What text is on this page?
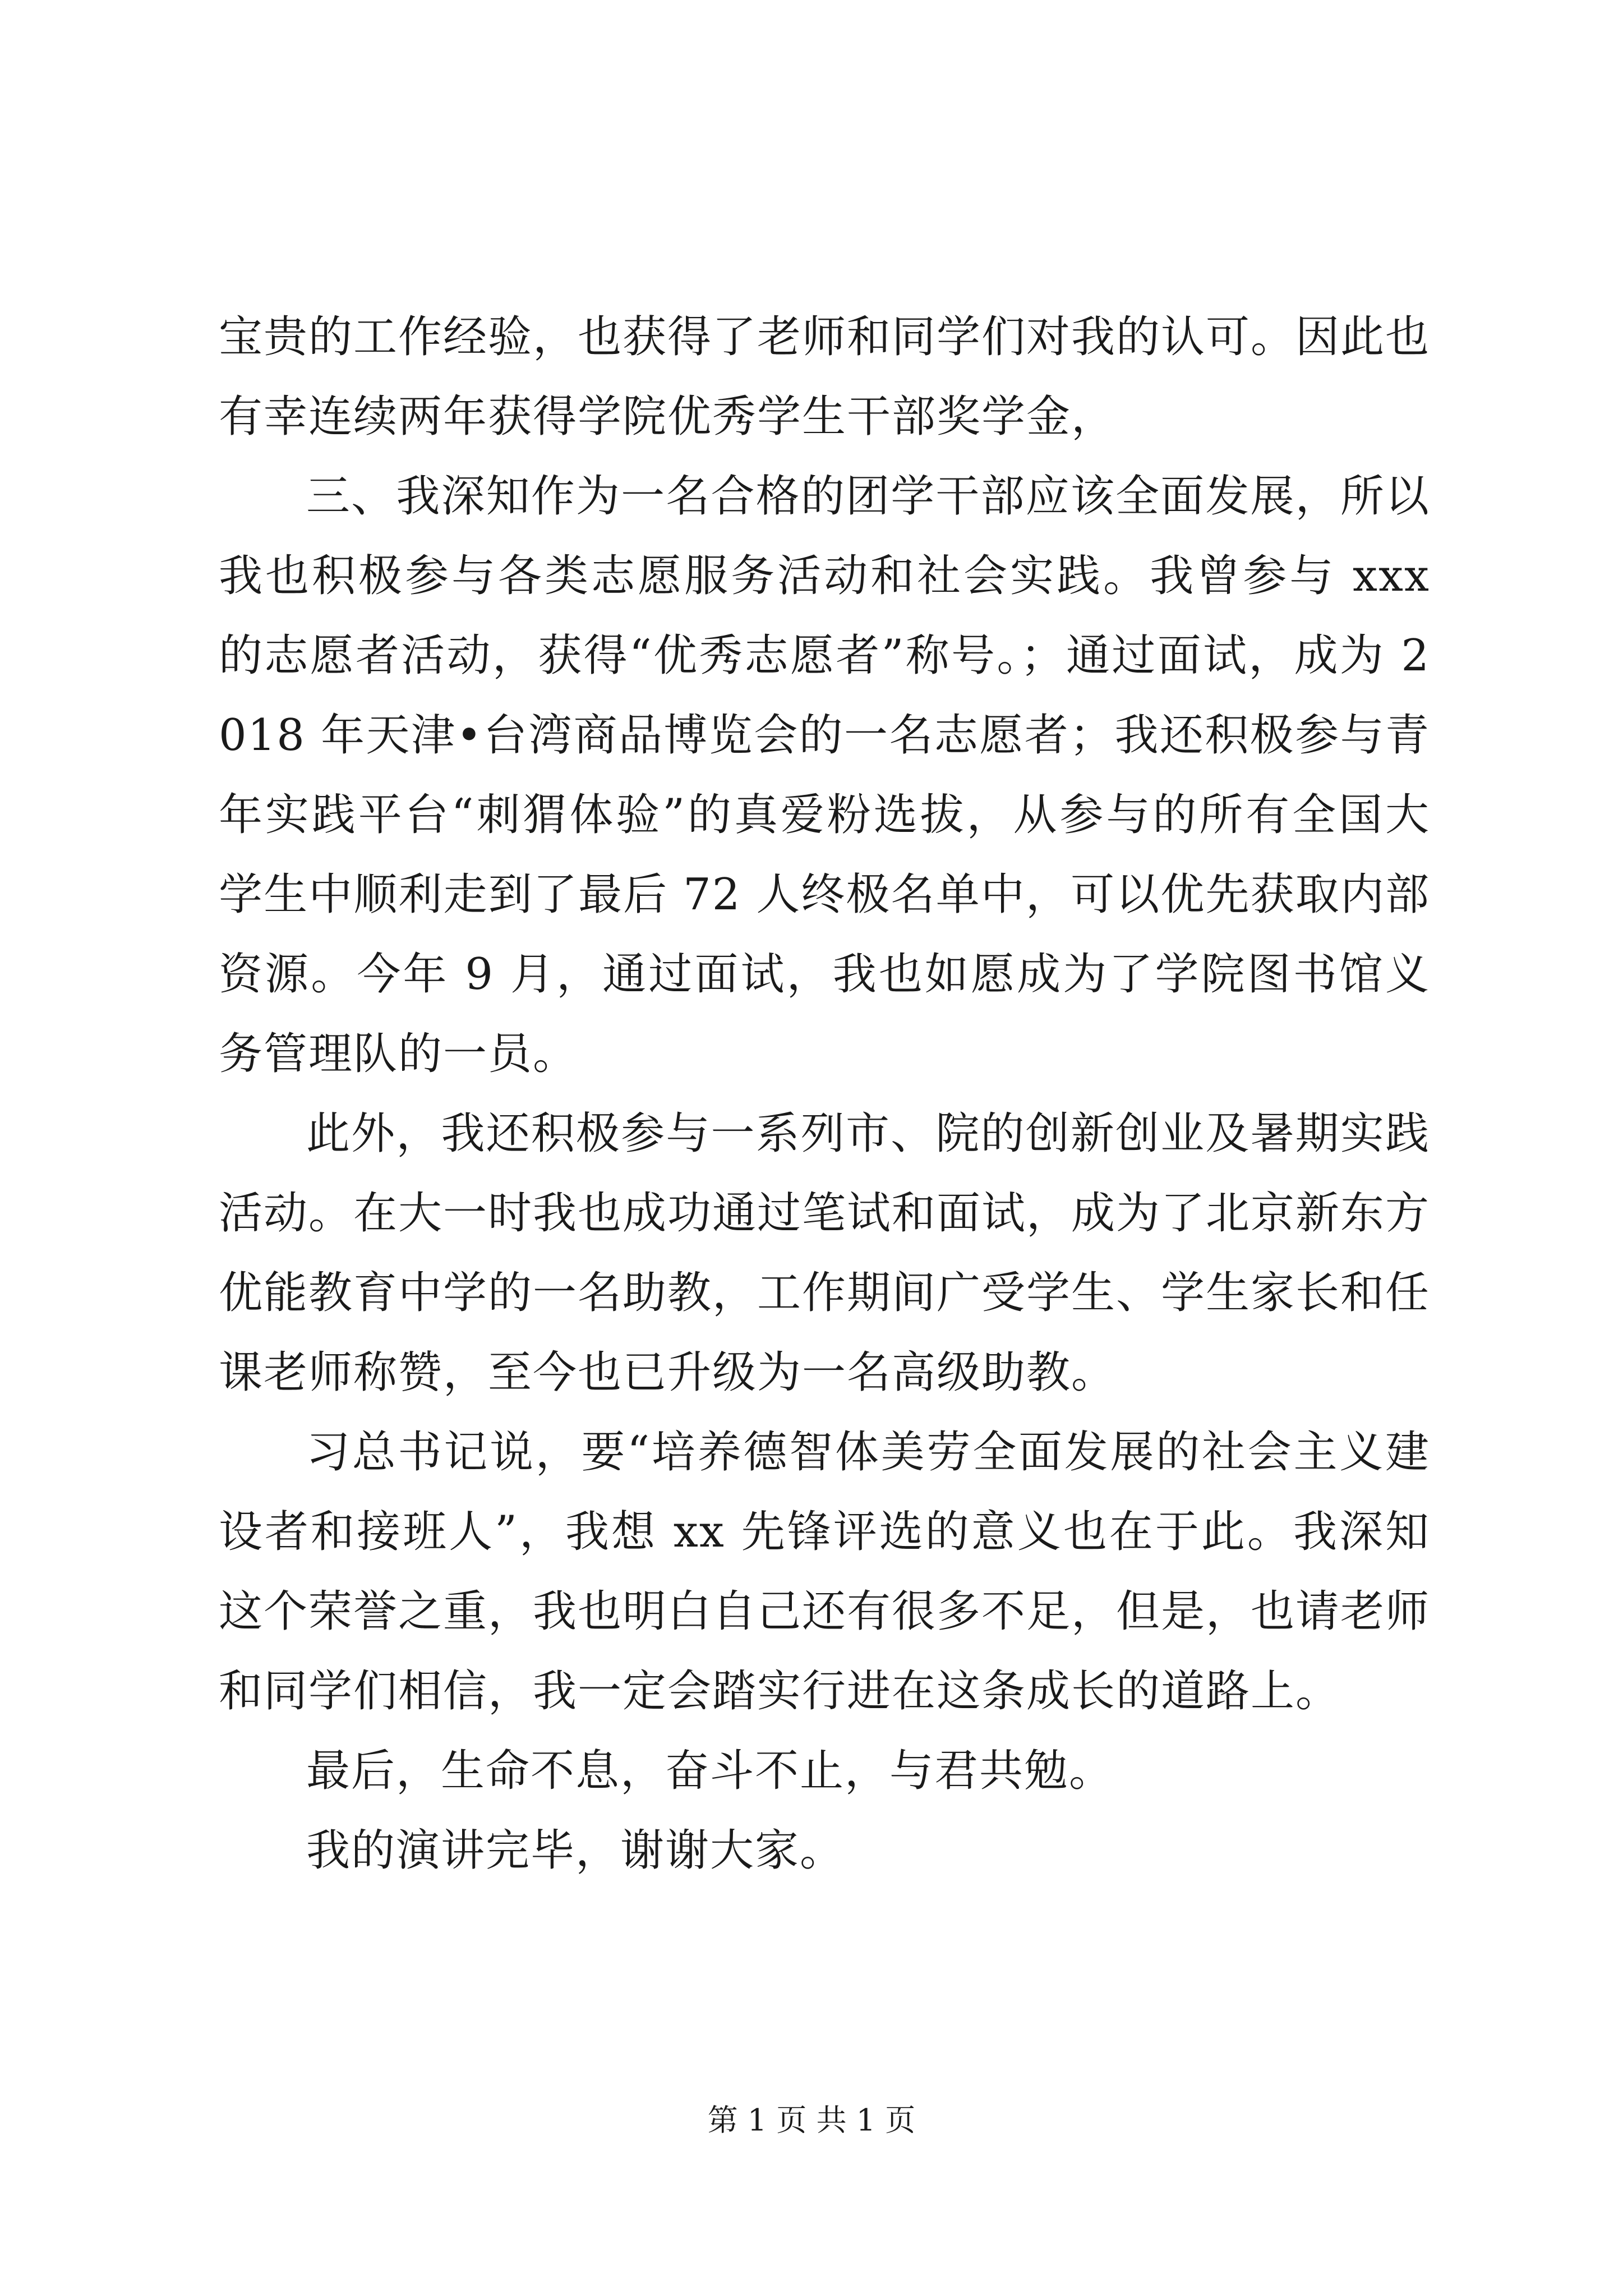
宝贵的工作经验，也获得了老师和同学们对我的认可。因此也有幸连续两年获得学院优秀学生干部奖学金，

三、我深知作为一名合格的团学干部应该全面发展，所以我也积极参与各类志愿服务活动和社会实践。我曾参与 xxx 的志愿者活动，获得“优秀志愿者”称号。；通过面试，成为 2018 年天津•台湾商品博览会的一名志愿者；我还积极参与青年实践平台“刺猬体验”的真爱粉选拔，从参与的所有全国大学生中顺利走到了最后 72 人终极名单中，可以优先获取内部资源。今年 9 月，通过面试，我也如愿成为了学院图书馆义务管理队的一员。

此外，我还积极参与一系列市、院的创新创业及暑期实践活动。在大一时我也成功通过笔试和面试，成为了北京新东方优能教育中学的一名助教，工作期间广受学生、学生家长和任课老师称赞，至今也已升级为一名高级助教。

习总书记说，要“培养德智体美劳全面发展的社会主义建设者和接班人”，我想 xx 先锋评选的意义也在于此。我深知这个荣誉之重，我也明白自己还有很多不足，但是，也请老师和同学们相信，我一定会踏实行进在这条成长的道路上。

最后，生命不息，奋斗不止，与君共勉。

我的演讲完毕，谢谢大家。

第 1 页 共 1 页
